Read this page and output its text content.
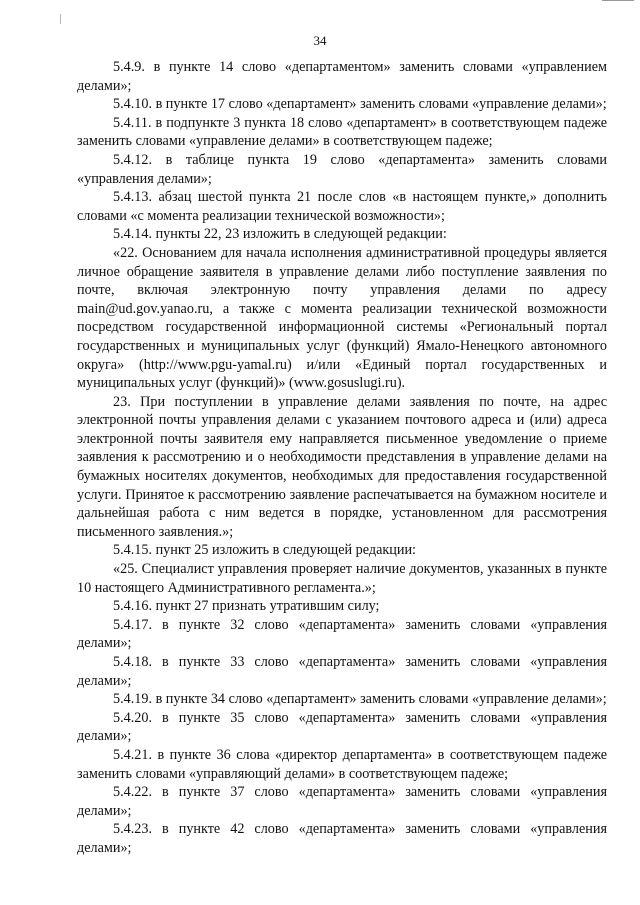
34

5.4.9. в пункте 14 слово «департаментом» заменить словами «управлением делами»;

5.4.10. в пункте 17 слово «департамент» заменить словами «управление делами»;

5.4.11. в подпункте 3 пункта 18 слово «департамент» в соответствующем падеже заменить словами «управление делами» в соответствующем падеже;

5.4.12. в таблице пункта 19 слово «департамента» заменить словами «управления делами»;

5.4.13. абзац шестой пункта 21 после слов «в настоящем пункте,» дополнить словами «с момента реализации технической возможности»;

5.4.14. пункты 22, 23 изложить в следующей редакции:

«22. Основанием для начала исполнения административной процедуры является личное обращение заявителя в управление делами либо поступление заявления по почте, включая электронную почту управления делами по адресу main@ud.gov.yanao.ru, а также с момента реализации технической возможности посредством государственной информационной системы «Региональный портал государственных и муниципальных услуг (функций) Ямало-Ненецкого автономного округа» (http://www.pgu-yamal.ru) и/или «Единый портал государственных и муниципальных услуг (функций)» (www.gosuslugi.ru).

23. При поступлении в управление делами заявления по почте, на адрес электронной почты управления делами с указанием почтового адреса и (или) адреса электронной почты заявителя ему направляется письменное уведомление о приеме заявления к рассмотрению и о необходимости представления в управление делами на бумажных носителях документов, необходимых для предоставления государственной услуги. Принятое к рассмотрению заявление распечатывается на бумажном носителе и дальнейшая работа с ним ведется в порядке, установленном для рассмотрения письменного заявления.»;

5.4.15. пункт 25 изложить в следующей редакции:

«25. Специалист управления проверяет наличие документов, указанных в пункте 10 настоящего Административного регламента.»;

5.4.16. пункт 27 признать утратившим силу;

5.4.17. в пункте 32 слово «департамента» заменить словами «управления делами»;

5.4.18. в пункте 33 слово «департамента» заменить словами «управления делами»;

5.4.19. в пункте 34 слово «департамент» заменить словами «управление делами»;

5.4.20. в пункте 35 слово «департамента» заменить словами «управления делами»;

5.4.21. в пункте 36 слова «директор департамента» в соответствующем падеже заменить словами «управляющий делами» в соответствующем падеже;

5.4.22. в пункте 37 слово «департамента» заменить словами «управления делами»;

5.4.23. в пункте 42 слово «департамента» заменить словами «управления делами»;
